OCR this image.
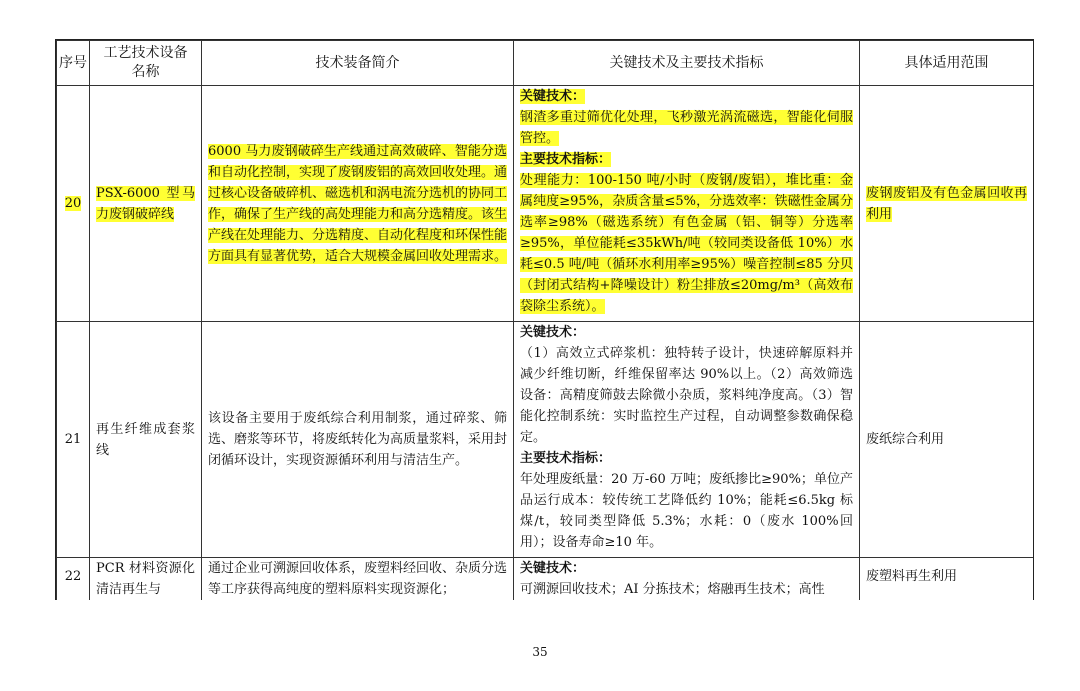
序号	工艺技术设备名称	技术装备简介	关键技术及主要技术指标	具体适用范围
20	PSX-6000 型马力废钢破碎线	6000 马力废钢破碎生产线通过高效破碎、智能分选和自动化控制，实现了废钢废铝的高效回收处理。通过核心设备破碎机、磁选机和涡电流分选机的协同工作，确保了生产线的高处理能力和高分选精度。该生产线在处理能力、分选精度、自动化程度和环保性能方面具有显著优势，适合大规模金属回收处理需求。	关键技术：

钢渣多重过筛优化处理，飞秒激光涡流磁选，智能化伺服管控。

主要技术指标：

处理能力：100-150 吨/小时（废钢/废铝），堆比重：金属纯度≥95%，杂质含量≤5%，分选效率：铁磁性金属分选率≥98%（磁选系统）有色金属（铝、铜等）分选率≥95%，单位能耗≤35kWh/吨（较同类设备低 10%）水耗≤0.5 吨/吨（循环水利用率≥95%）噪音控制≤85 分贝（封闭式结构+降噪设计）粉尘排放≤20mg/m³（高效布袋除尘系统）。	废钢废铝及有色金属回收再利用
21	再生纤维成套浆线	该设备主要用于废纸综合利用制浆，通过碎浆、筛选、磨浆等环节，将废纸转化为高质量浆料，采用封闭循环设计，实现资源循环利用与清洁生产。	关键技术：

（1）高效立式碎浆机：独特转子设计，快速碎解原料并减少纤维切断，纤维保留率达 90%以上。（2）高效筛选设备：高精度筛鼓去除微小杂质，浆料纯净度高。（3）智能化控制系统：实时监控生产过程，自动调整参数确保稳定。

主要技术指标：

年处理废纸量：20 万-60 万吨；废纸掺比≥90%；单位产品运行成本：较传统工艺降低约 10%；能耗≤6.5kg 标煤/t，较同类型降低 5.3%；水耗：0（废水 100%回用）；设备寿命≥10 年。	废纸综合利用
22	PCR 材料资源化清洁再生与	通过企业可溯源回收体系，废塑料经回收、杂质分选等工序获得高纯度的塑料原料实现资源化；	关键技术：

可溯源回收技术；AI 分拣技术；熔融再生技术；高性	废塑料再生利用
35
